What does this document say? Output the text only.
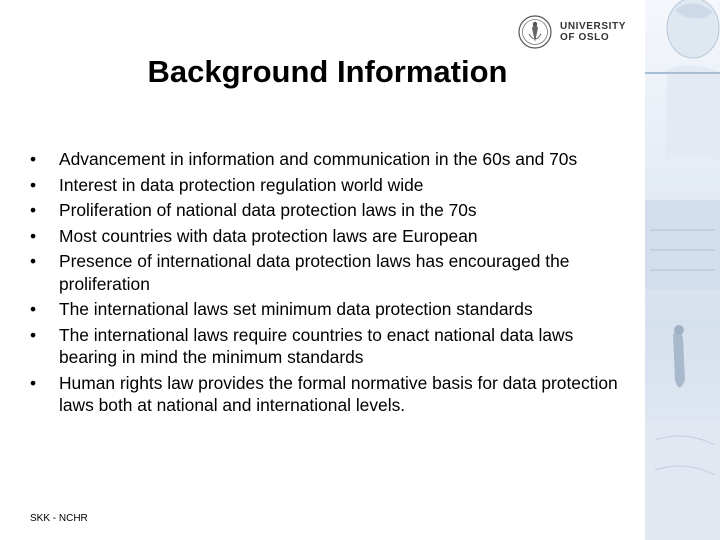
UNIVERSITY
OF OSLO
Background Information
• Advancement in information and communication in the 60s and 70s
• Interest in data protection regulation world wide
• Proliferation of national data protection laws in the 70s
• Most countries with data protection laws are European
• Presence of international data protection laws has encouraged the proliferation
• The international laws set minimum data protection standards
• The international laws require countries to enact national data laws bearing in mind the minimum standards
• Human rights law provides the formal normative basis for data protection laws both at national and international levels.
SKK - NCHR
